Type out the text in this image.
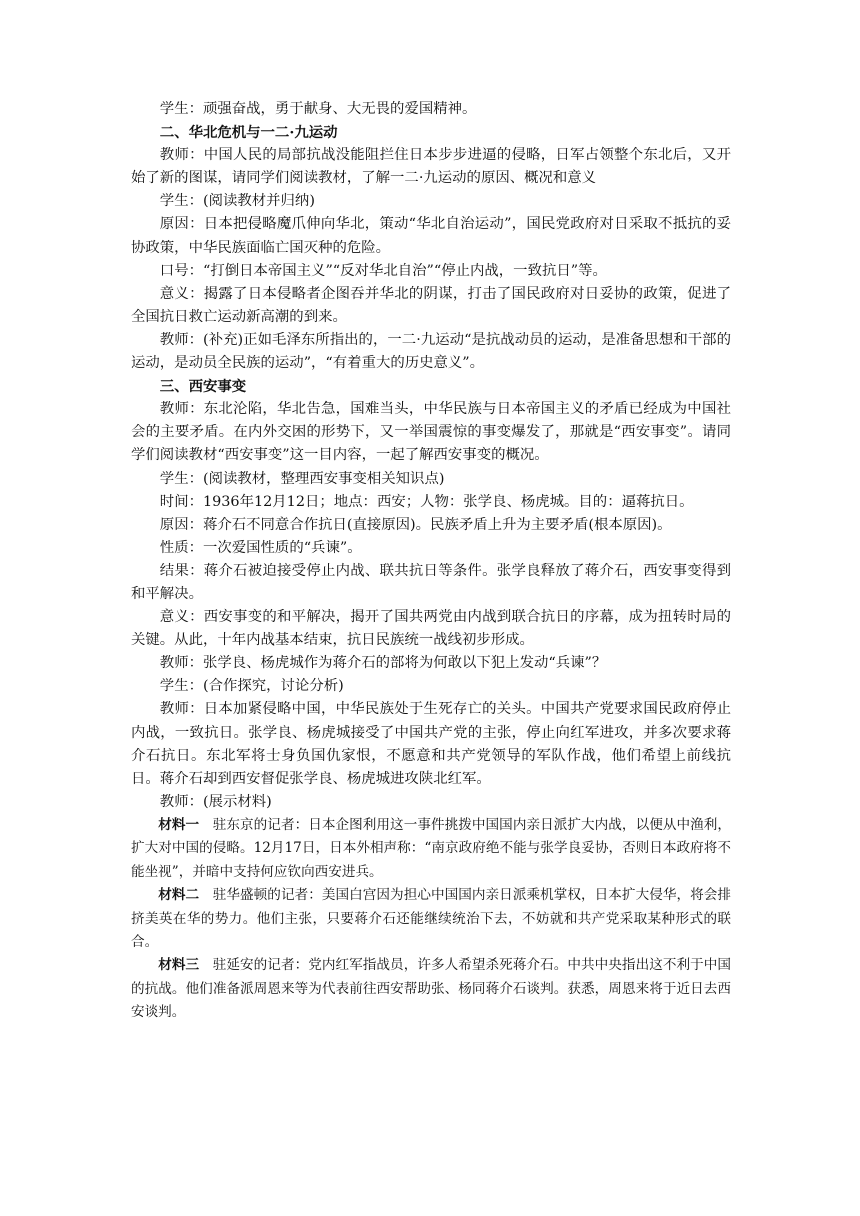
学生：顽强奋战，勇于献身、大无畏的爱国精神。

二、华北危机与一二·九运动

教师：中国人民的局部抗战没能阻拦住日本步步进逼的侵略，日军占领整个东北后，又开始了新的图谋，请同学们阅读教材，了解一二·九运动的原因、概况和意义

学生：(阅读教材并归纳)

原因：日本把侵略魔爪伸向华北，策动“华北自治运动”，国民党政府对日采取不抵抗的妥协政策，中华民族面临亡国灭种的危险。

口号：“打倒日本帝国主义”“反对华北自治”“停止内战，一致抗日”等。

意义：揭露了日本侵略者企图吞并华北的阴谋，打击了国民政府对日妥协的政策，促进了全国抗日救亡运动新高潮的到来。

教师：(补充)正如毛泽东所指出的，一二·九运动“是抗战动员的运动，是准备思想和干部的运动，是动员全民族的运动”，“有着重大的历史意义”。

三、西安事变

教师：东北沦陷，华北告急，国难当头，中华民族与日本帝国主义的矛盾已经成为中国社会的主要矛盾。在内外交困的形势下，又一举国震惊的事变爆发了，那就是“西安事变”。请同学们阅读教材“西安事变”这一目内容，一起了解西安事变的概况。

学生：(阅读教材，整理西安事变相关知识点)

时间：1936年12月12日；地点：西安；人物：张学良、杨虎城。目的：逼蒋抗日。

原因：蒋介石不同意合作抗日(直接原因)。民族矛盾上升为主要矛盾(根本原因)。

性质：一次爱国性质的“兵谏”。

结果：蒋介石被迫接受停止内战、联共抗日等条件。张学良释放了蒋介石，西安事变得到和平解决。

意义：西安事变的和平解决，揭开了国共两党由内战到联合抗日的序幕，成为扭转时局的关键。从此，十年内战基本结束，抗日民族统一战线初步形成。

教师：张学良、杨虎城作为蒋介石的部将为何敢以下犯上发动“兵谏”？

学生：(合作探究，讨论分析)

教师：日本加紧侵略中国，中华民族处于生死存亡的关头。中国共产党要求国民政府停止内战，一致抗日。张学良、杨虎城接受了中国共产党的主张，停止向红军进攻，并多次要求蒋介石抗日。东北军将士身负国仇家恨，不愿意和共产党领导的军队作战，他们希望上前线抗日。蒋介石却到西安督促张学良、杨虎城进攻陕北红军。

教师：(展示材料)

材料一  驻东京的记者：日本企图利用这一事件挑拨中国国内亲日派扩大内战，以便从中渔利，扩大对中国的侵略。12月17日，日本外相声称：“南京政府绝不能与张学良妥协，否则日本政府将不能坐视”，并暗中支持何应钦向西安进兵。

材料二  驻华盛顿的记者：美国白宫因为担心中国国内亲日派乘机掌权，日本扩大侵华，将会排挤美英在华的势力。他们主张，只要蒋介石还能继续统治下去，不妨就和共产党采取某种形式的联合。

材料三  驻延安的记者：党内红军指战员，许多人希望杀死蒋介石。中共中央指出这不利于中国的抗战。他们准备派周恩来等为代表前往西安帮助张、杨同蒋介石谈判。获悉，周恩来将于近日去西安谈判。
